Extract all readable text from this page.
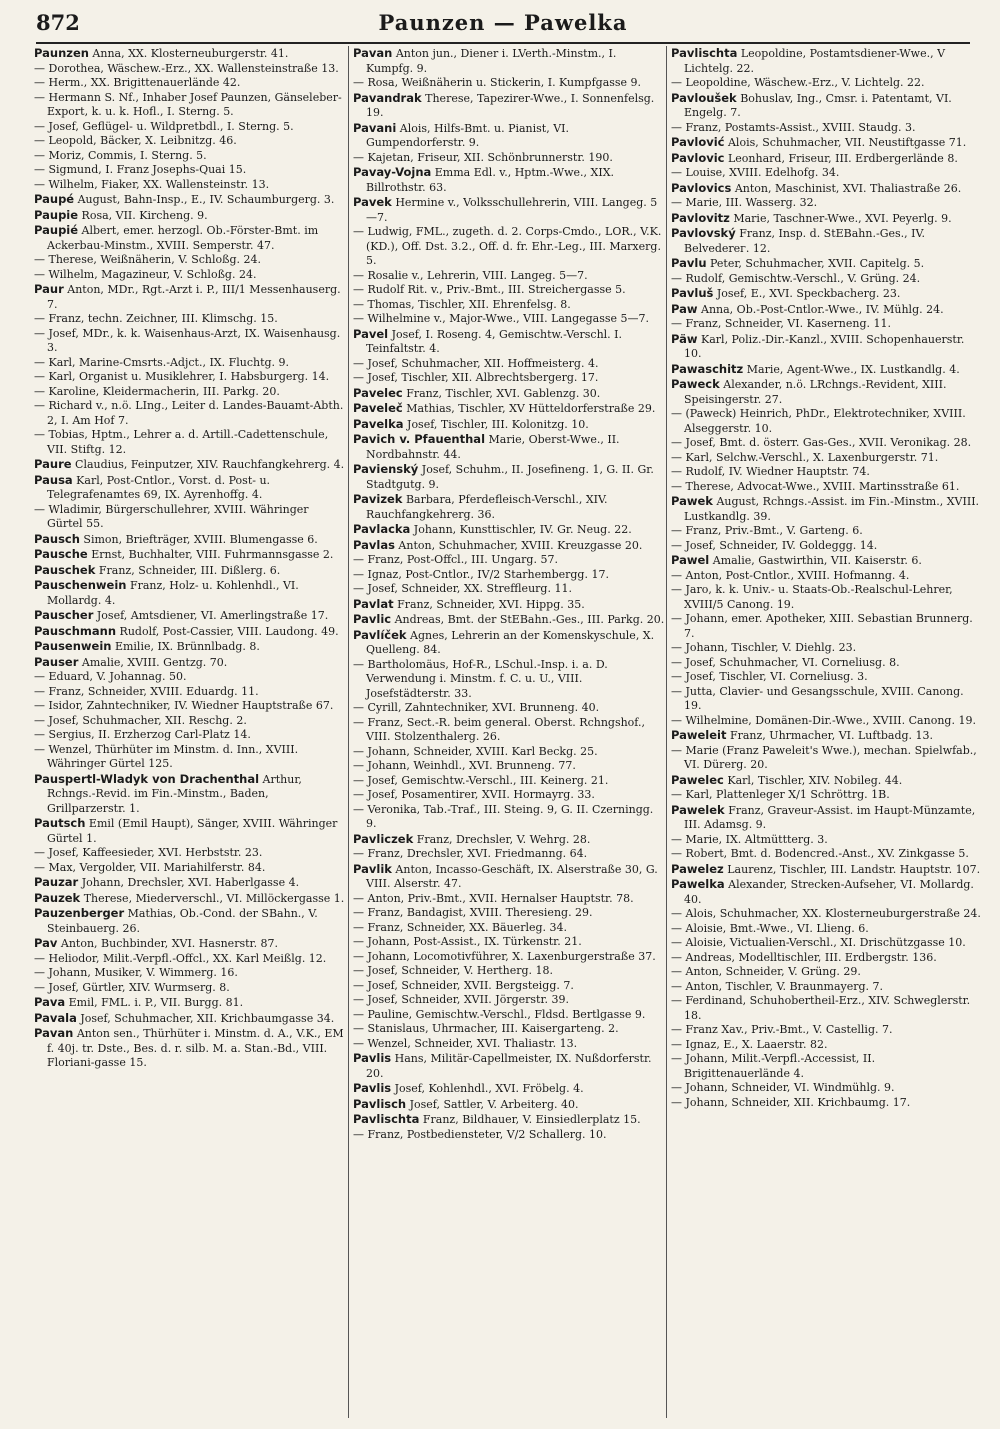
872	Paunzen — Pawelka

Paunzen Anna, XX. Klosterneuburgerstr. 41.

— Dorothea, Wäschew.-Erz., XX. Wallensteinstraße 13.

— Herm., XX. Brigittenauerlände 42.

— Hermann S. Nf., Inhaber Josef Paunzen, Gänseleber-Export, k. u. k. Hofl., I. Sterng. 5.

— Josef, Geflügel- u. Wildpretbdl., I. Sterng. 5.

— Leopold, Bäcker, X. Leibnitzg. 46.

— Moriz, Commis, I. Sterng. 5.

— Sigmund, I. Franz Josephs-Quai 15.

— Wilhelm, Fiaker, XX. Wallensteinstr. 13.

Paupé August, Bahn-Insp., E., IV. Schaumburgerg. 3.

Paupie Rosa, VII. Kircheng. 9.

Paupié Albert, emer. herzogl. Ob.-Förster-Bmt. im Ackerbau-Minstm., XVIII. Semperstr. 47.

— Therese, Weißnäherin, V. Schloßg. 24.

— Wilhelm, Magazineur, V. Schloßg. 24.

Paur Anton, MDr., Rgt.-Arzt i. P., III/1 Messenhauserg. 7.

— Franz, techn. Zeichner, III. Klimschg. 15.

— Josef, MDr., k. k. Waisenhaus-Arzt, IX. Waisenhausg. 3.

— Karl, Marine-Cmsrts.-Adjct., IX. Fluchtg. 9.

— Karl, Organist u. Musiklehrer, I. Habsburgerg. 14.

— Karoline, Kleidermacherin, III. Parkg. 20.

— Richard v., n.ö. LIng., Leiter d. Landes-Bauamt-Abth. 2, I. Am Hof 7.

— Tobias, Hptm., Lehrer a. d. Artill.-Cadettenschule, VII. Stiftg. 12.

Paure Claudius, Feinputzer, XIV. Rauchfangkehrerg. 4.

Pausa Karl, Post-Cntlor., Vorst. d. Post- u. Telegrafenamtes 69, IX. Ayrenhoffg. 4.

— Wladimir, Bürgerschullehrer, XVIII. Währinger Gürtel 55.

Pausch Simon, Briefträger, XVIII. Blumengasse 6.

Pausche Ernst, Buchhalter, VIII. Fuhrmannsgasse 2.

Pauschek Franz, Schneider, III. Dißlerg. 6.

Pauschenwein Franz, Holz- u. Kohlenhdl., VI. Mollardg. 4.

Pauscher Josef, Amtsdiener, VI. Amerlingstraße 17.

Pauschmann Rudolf, Post-Cassier, VIII. Laudong. 49.

Pausenwein Emilie, IX. Brünnlbadg. 8.

Pauser Amalie, XVIII. Gentzg. 70.

— Eduard, V. Johannag. 50.

— Franz, Schneider, XVIII. Eduardg. 11.

— Isidor, Zahntechniker, IV. Wiedner Hauptstraße 67.

— Josef, Schuhmacher, XII. Reschg. 2.

— Sergius, II. Erzherzog Carl-Platz 14.

— Wenzel, Thürhüter im Minstm. d. Inn., XVIII. Währinger Gürtel 125.

Pauspertl-Wladyk von Drachenthal Arthur, Rchngs.-Revid. im Fin.-Minstm., Baden, Grillparzerstr. 1.

Pautsch Emil (Emil Haupt), Sänger, XVIII. Währinger Gürtel 1.

— Josef, Kaffeesieder, XVI. Herbststr. 23.

— Max, Vergolder, VII. Mariahilferstr. 84.

Pauzar Johann, Drechsler, XVI. Haberlgasse 4.

Pauzek Therese, Miederverschl., VI. Millöckergasse 1.

Pauzenberger Mathias, Ob.-Cond. der SBahn., V. Steinbauerg. 26.

Pav Anton, Buchbinder, XVI. Hasnerstr. 87.

— Heliodor, Milit.-Verpfl.-Offcl., XX. Karl Meißlg. 12.

— Johann, Musiker, V. Wimmerg. 16.

— Josef, Gürtler, XIV. Wurmserg. 8.

Pava Emil, FML. i. P., VII. Burgg. 81.

Pavala Josef, Schuhmacher, XII. Krichbaumgasse 34.

Pavan Anton sen., Thürhüter i. Minstm. d. A., V.K., EM f. 40j. tr. Dste., Bes. d. r. silb. M. a. Stan.-Bd., VIII. Floriani-gasse 15.

Pavan Anton jun., Diener i. LVerth.-Minstm., I. Kumpfg. 9.

— Rosa, Weißnäherin u. Stickerin, I. Kumpfgasse 9.

Pavandrak Therese, Tapezirer-Wwe., I. Sonnenfelsg. 19.

Pavani Alois, Hilfs-Bmt. u. Pianist, VI. Gumpendorferstr. 9.

— Kajetan, Friseur, XII. Schönbrunnerstr. 190.

Pavay-Vojna Emma Edl. v., Hptm.-Wwe., XIX. Billrothstr. 63.

Pavek Hermine v., Volksschullehrerin, VIII. Langeg. 5—7.

— Ludwig, FML., zugeth. d. 2. Corps-Cmdo., LOR., V.K. (KD.), Off. Dst. 3.2., Off. d. fr. Ehr.-Leg., III. Marxerg. 5.

— Rosalie v., Lehrerin, VIII. Langeg. 5—7.

— Rudolf Rit. v., Priv.-Bmt., III. Streichergasse 5.

— Thomas, Tischler, XII. Ehrenfelsg. 8.

— Wilhelmine v., Major-Wwe., VIII. Langegasse 5—7.

Pavel Josef, I. Roseng. 4, Gemischtw.-Verschl. I. Teinfaltstr. 4.

— Josef, Schuhmacher, XII. Hoffmeisterg. 4.

— Josef, Tischler, XII. Albrechtsbergerg. 17.

Pavelec Franz, Tischler, XVI. Gablenzg. 30.

Paveleč Mathias, Tischler, XV Hütteldorferstraße 29.

Pavelka Josef, Tischler, III. Kolonitzg. 10.

Pavich v. Pfauenthal Marie, Oberst-Wwe., II. Nordbahnstr. 44.

Pavienský Josef, Schuhm., II. Josefineng. 1, G. II. Gr. Stadtgutg. 9.

Pavizek Barbara, Pferdefleisch-Verschl., XIV. Rauchfangkehrerg. 36.

Pavlacka Johann, Kunsttischler, IV. Gr. Neug. 22.

Pavlas Anton, Schuhmacher, XVIII. Kreuzgasse 20.

— Franz, Post-Offcl., III. Ungarg. 57.

— Ignaz, Post-Cntlor., IV/2 Starhembergg. 17.

— Josef, Schneider, XX. Streffleurg. 11.

Pavlat Franz, Schneider, XVI. Hippg. 35.

Pavlic Andreas, Bmt. der StEBahn.-Ges., III. Parkg. 20.

Pavlíček Agnes, Lehrerin an der Komenskyschule, X. Quelleng. 84.

— Bartholomäus, Hof-R., LSchul.-Insp. i. a. D. Verwendung i. Minstm. f. C. u. U., VIII. Josefstädterstr. 33.

— Cyrill, Zahntechniker, XVI. Brunneng. 40.

— Franz, Sect.-R. beim general. Oberst. Rchngshof., VIII. Stolzenthalerg. 26.

— Johann, Schneider, XVIII. Karl Beckg. 25.

— Johann, Weinhdl., XVI. Brunneng. 77.

— Josef, Gemischtw.-Verschl., III. Keinerg. 21.

— Josef, Posamentirer, XVII. Hormayrg. 33.

— Veronika, Tab.-Traf., III. Steing. 9, G. II. Czerningg. 9.

Pavliczek Franz, Drechsler, V. Wehrg. 28.

— Franz, Drechsler, XVI. Friedmanng. 64.

Pavlik Anton, Incasso-Geschäft, IX. Alserstraße 30, G. VIII. Alserstr. 47.

— Anton, Priv.-Bmt., XVII. Hernalser Hauptstr. 78.

— Franz, Bandagist, XVIII. Theresieng. 29.

— Franz, Schneider, XX. Bäuerleg. 34.

— Johann, Post-Assist., IX. Türkenstr. 21.

— Johann, Locomotivführer, X. Laxenburgerstraße 37.

— Josef, Schneider, V. Hertherg. 18.

— Josef, Schneider, XVII. Bergsteigg. 7.

— Josef, Schneider, XVII. Jörgerstr. 39.

— Pauline, Gemischtw.-Verschl., Fldsd. Bertlgasse 9.

— Stanislaus, Uhrmacher, III. Kaisergarteng. 2.

— Wenzel, Schneider, XVI. Thaliastr. 13.

Pavlis Hans, Militär-Capellmeister, IX. Nußdorferstr. 20.

Pavlis Josef, Kohlenhdl., XVI. Fröbelg. 4.

Pavlisch Josef, Sattler, V. Arbeiterg. 40.

Pavlischta Franz, Bildhauer, V. Einsiedlerplatz 15.

— Franz, Postbediensteter, V/2 Schallerg. 10.

Pavlischta Leopoldine, Postamtsdiener-Wwe., V Lichtelg. 22.

— Leopoldine, Wäschew.-Erz., V. Lichtelg. 22.

Pavloušek Bohuslav, Ing., Cmsr. i. Patentamt, VI. Engelg. 7.

— Franz, Postamts-Assist., XVIII. Staudg. 3.

Pavlović Alois, Schuhmacher, VII. Neustiftgasse 71.

Pavlovic Leonhard, Friseur, III. Erdbergerlände 8.

— Louise, XVIII. Edelhofg. 34.

Pavlovics Anton, Maschinist, XVI. Thaliastraße 26.

— Marie, III. Wasserg. 32.

Pavlovitz Marie, Taschner-Wwe., XVI. Peyerlg. 9.

Pavlovský Franz, Insp. d. StEBahn.-Ges., IV. Belvederег. 12.

Pavlu Peter, Schuhmacher, XVII. Capitelg. 5.

— Rudolf, Gemischtw.-Verschl., V. Grüng. 24.

Pavluš Josef, E., XVI. Speckbacherg. 23.

Paw Anna, Ob.-Post-Cntlor.-Wwe., IV. Mühlg. 24.

— Franz, Schneider, VI. Kaserneng. 11.

Päw Karl, Poliz.-Dir.-Kanzl., XVIII. Schopenhauerstr. 10.

Pawaschitz Marie, Agent-Wwe., IX. Lustkandlg. 4.

Paweck Alexander, n.ö. LRchngs.-Revident, XIII. Speisingerstr. 27.

— (Paweck) Heinrich, PhDr., Elektrotechniker, XVIII. Alseggerstr. 10.

— Josef, Bmt. d. österr. Gas-Ges., XVII. Veronikag. 28.

— Karl, Selchw.-Verschl., X. Laxenburgerstr. 71.

— Rudolf, IV. Wiedner Hauptstr. 74.

— Therese, Advocat-Wwe., XVIII. Martinsstraße 61.

Pawek August, Rchngs.-Assist. im Fin.-Minstm., XVIII. Lustkandlg. 39.

— Franz, Priv.-Bmt., V. Garteng. 6.

— Josef, Schneider, IV. Goldeggg. 14.

Pawel Amalie, Gastwirthin, VII. Kaiserstr. 6.

— Anton, Post-Cntlor., XVIII. Hofmanng. 4.

— Jaro, k. k. Univ.- u. Staats-Ob.-Realschul-Lehrer, XVIII/5 Canong. 19.

— Johann, emer. Apotheker, XIII. Sebastian Brunnerg. 7.

— Johann, Tischler, V. Diehlg. 23.

— Josef, Schuhmacher, VI. Corneliusg. 8.

— Josef, Tischler, VI. Corneliusg. 3.

— Jutta, Clavier- und Gesangsschule, XVIII. Canong. 19.

— Wilhelmine, Domänen-Dir.-Wwe., XVIII. Canong. 19.

Paweleit Franz, Uhrmacher, VI. Luftbadg. 13.

— Marie (Franz Paweleit's Wwe.), mechan. Spielwfab., VI. Dürerg. 20.

Pawelec Karl, Tischler, XIV. Nobileg. 44.

— Karl, Plattenleger X/1 Schröttrg. 1B.

Pawelek Franz, Graveur-Assist. im Haupt-Münzamte, III. Adamsg. 9.

— Marie, IX. Altmüttterg. 3.

— Robert, Bmt. d. Bodencred.-Anst., XV. Zinkgasse 5.

Pawelez Laurenz, Tischler, III. Landstr. Hauptstr. 107.

Pawelka Alexander, Strecken-Aufseher, VI. Mollardg. 40.

— Alois, Schuhmacher, XX. Klosterneuburgerstraße 24.

— Aloisie, Bmt.-Wwe., VI. Llieng. 6.

— Aloisie, Victualien-Verschl., XI. Drischützgasse 10.

— Andreas, Modelltischler, III. Erdbergstr. 136.

— Anton, Schneider, V. Grüng. 29.

— Anton, Tischler, V. Braunmayerg. 7.

— Ferdinand, Schuhobertheil-Erz., XIV. Schweglerstr. 18.

— Franz Xav., Priv.-Bmt., V. Castellig. 7.

— Ignaz, E., X. Laaerstr. 82.

— Johann, Milit.-Verpfl.-Accessist, II. Brigittenauerlände 4.

— Johann, Schneider, VI. Windmühlg. 9.

— Johann, Schneider, XII. Krichbaumg. 17.
